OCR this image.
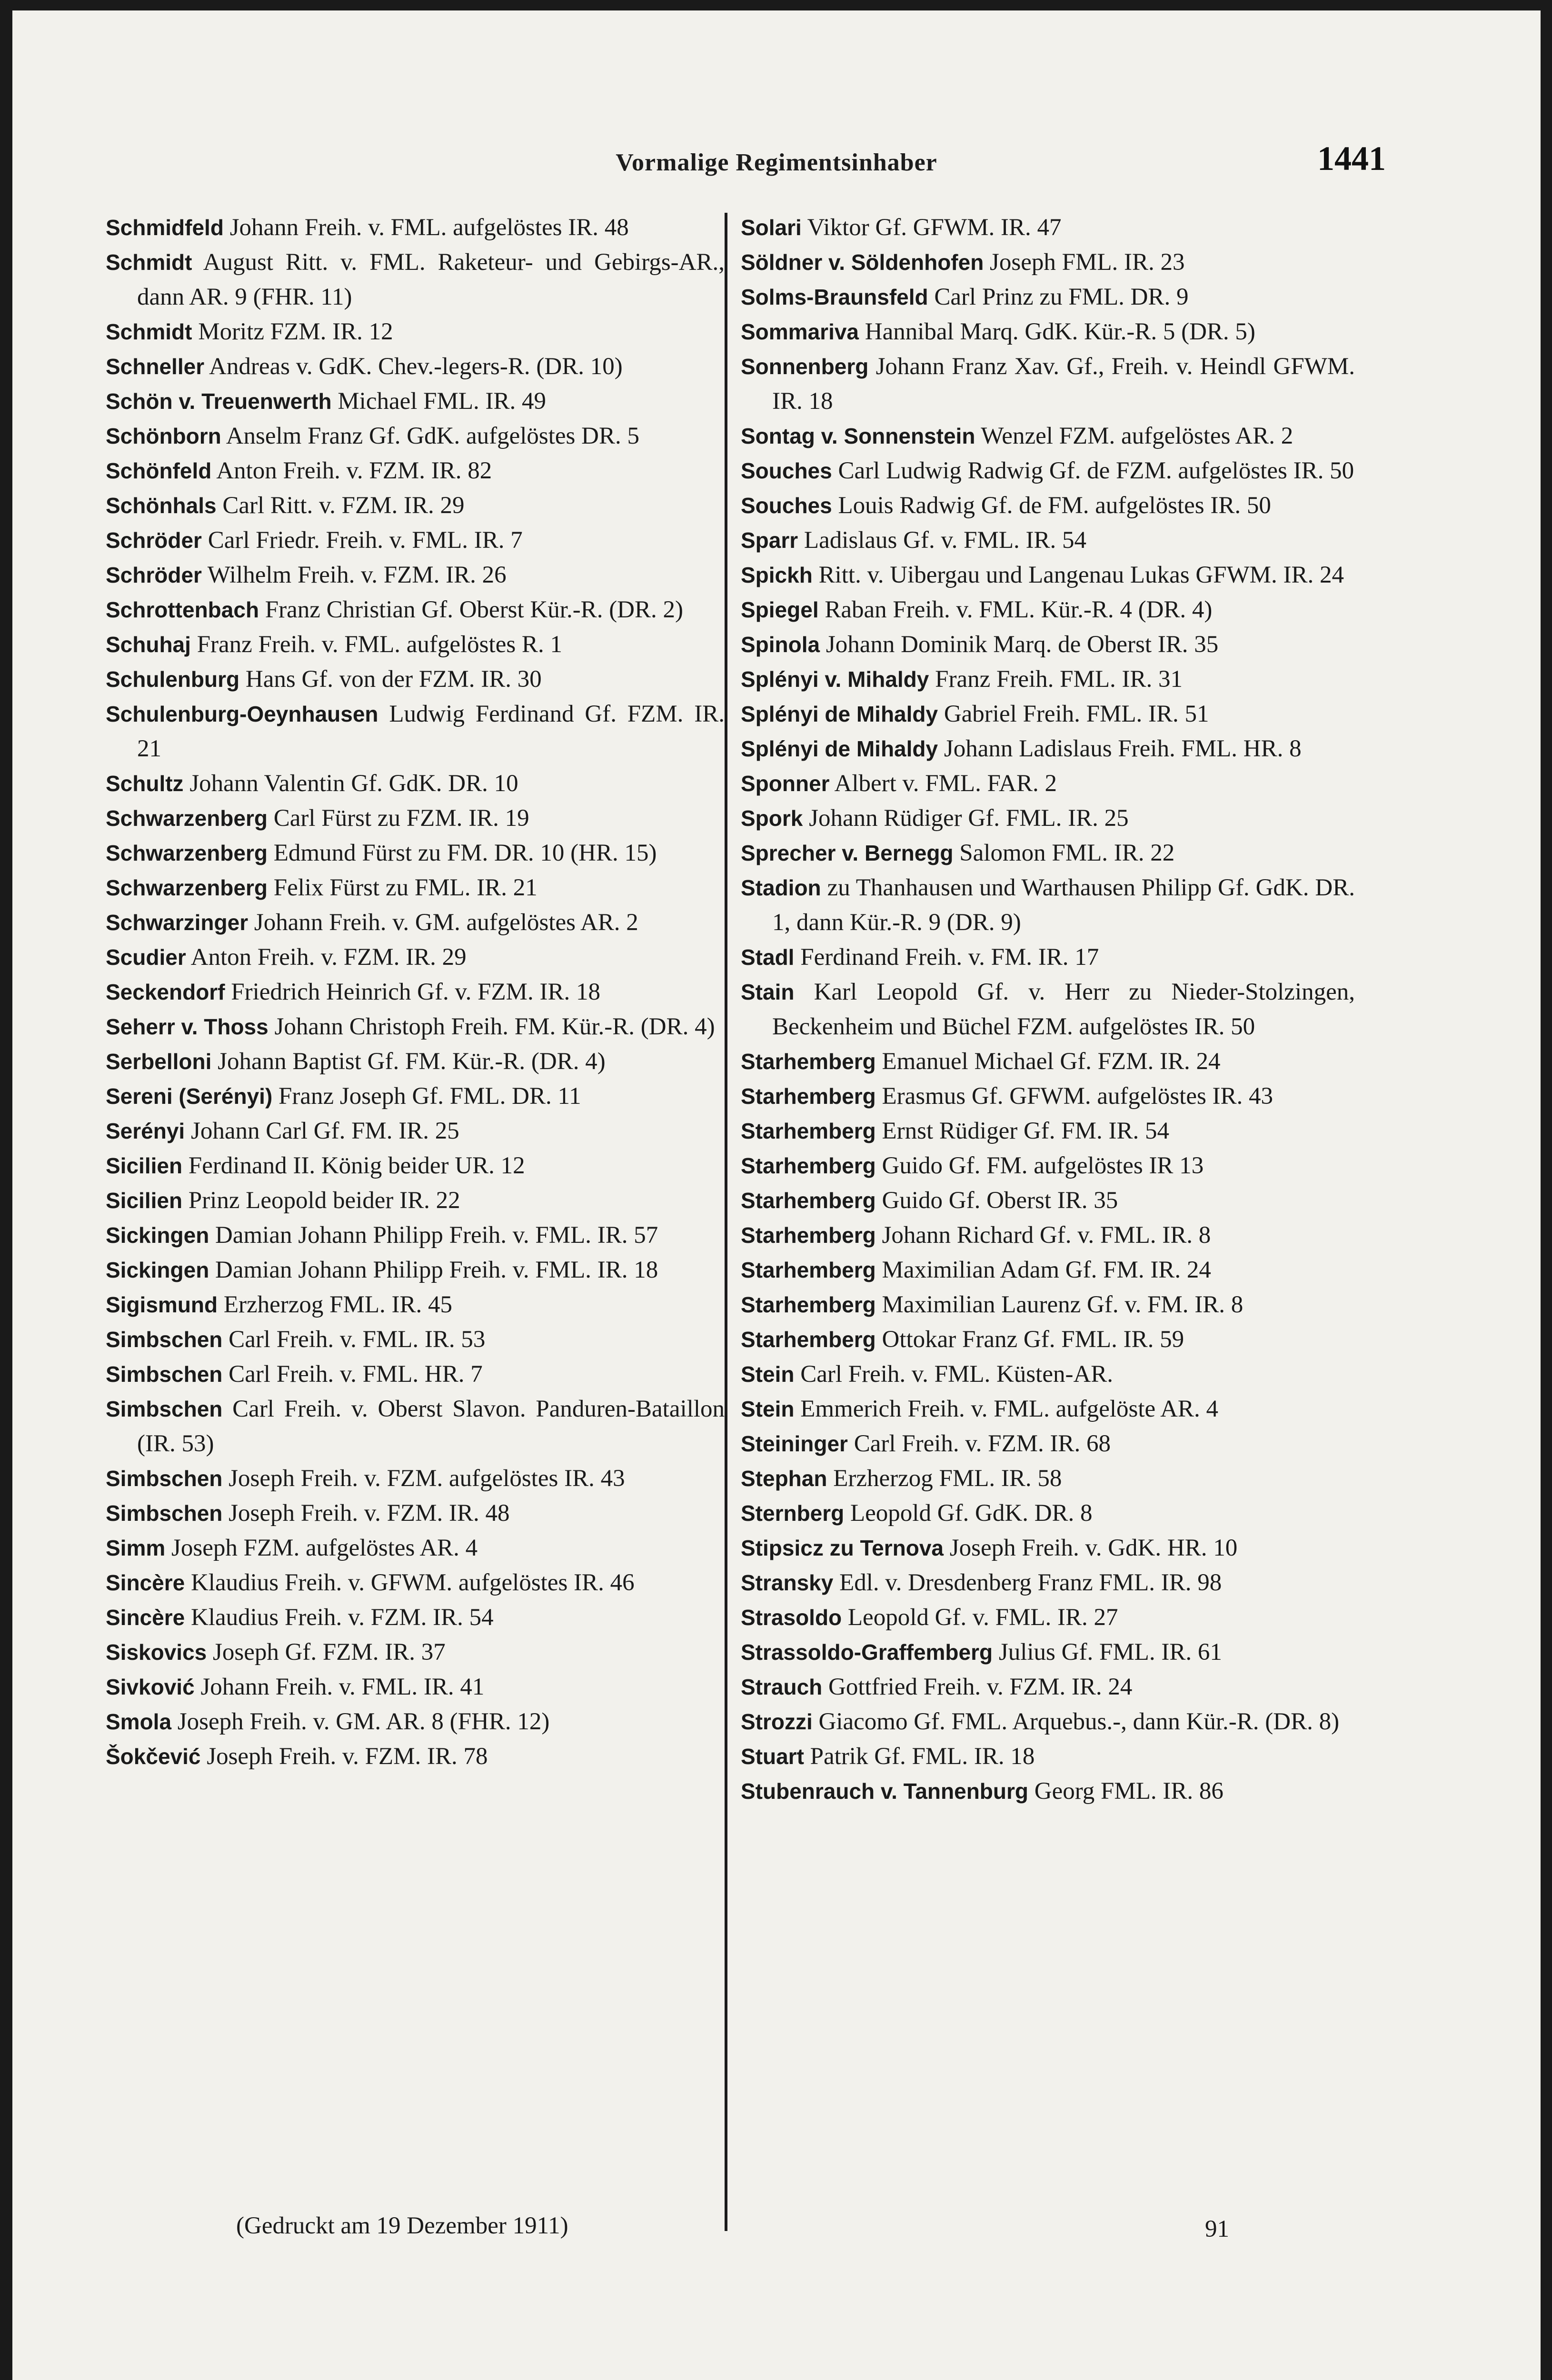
Vormalige Regimentsinhaber	1441

Schmidfeld Johann Freih. v. FML. aufgelöstes IR. 48

Schmidt August Ritt. v. FML. Raketeur- und Gebirgs-AR., dann AR. 9 (FHR. 11)

Schmidt Moritz FZM. IR. 12

Schneller Andreas v. GdK. Chev.-legers-R. (DR. 10)

Schön v. Treuenwerth Michael FML. IR. 49

Schönborn Anselm Franz Gf. GdK. aufgelöstes DR. 5

Schönfeld Anton Freih. v. FZM. IR. 82

Schönhals Carl Ritt. v. FZM. IR. 29

Schröder Carl Friedr. Freih. v. FML. IR. 7

Schröder Wilhelm Freih. v. FZM. IR. 26

Schrottenbach Franz Christian Gf. Oberst Kür.-R. (DR. 2)

Schuhaj Franz Freih. v. FML. aufgelöstes R. 1

Schulenburg Hans Gf. von der FZM. IR. 30

Schulenburg-Oeynhausen Ludwig Ferdinand Gf. FZM. IR. 21

Schultz Johann Valentin Gf. GdK. DR. 10

Schwarzenberg Carl Fürst zu FZM. IR. 19

Schwarzenberg Edmund Fürst zu FM. DR. 10 (HR. 15)

Schwarzenberg Felix Fürst zu FML. IR. 21

Schwarzinger Johann Freih. v. GM. aufgelöstes AR. 2

Scudier Anton Freih. v. FZM. IR. 29

Seckendorf Friedrich Heinrich Gf. v. FZM. IR. 18

Seherr v. Thoss Johann Christoph Freih. FM. Kür.-R. (DR. 4)

Serbelloni Johann Baptist Gf. FM. Kür.-R. (DR. 4)

Sereni (Serényi) Franz Joseph Gf. FML. DR. 11

Serényi Johann Carl Gf. FM. IR. 25

Sicilien Ferdinand II. König beider UR. 12

Sicilien Prinz Leopold beider IR. 22

Sickingen Damian Johann Philipp Freih. v. FML. IR. 57

Sickingen Damian Johann Philipp Freih. v. FML. IR. 18

Sigismund Erzherzog FML. IR. 45

Simbschen Carl Freih. v. FML. IR. 53

Simbschen Carl Freih. v. FML. HR. 7

Simbschen Carl Freih. v. Oberst Slavon. Panduren-Bataillon (IR. 53)

Simbschen Joseph Freih. v. FZM. aufgelöstes IR. 43

Simbschen Joseph Freih. v. FZM. IR. 48

Simm Joseph FZM. aufgelöstes AR. 4

Sincère Klaudius Freih. v. GFWM. aufgelöstes IR. 46

Sincère Klaudius Freih. v. FZM. IR. 54

Siskovics Joseph Gf. FZM. IR. 37

Sivković Johann Freih. v. FML. IR. 41

Smola Joseph Freih. v. GM. AR. 8 (FHR. 12)

Šokčević Joseph Freih. v. FZM. IR. 78

Solari Viktor Gf. GFWM. IR. 47

Söldner v. Söldenhofen Joseph FML. IR. 23

Solms-Braunsfeld Carl Prinz zu FML. DR. 9

Sommariva Hannibal Marq. GdK. Kür.-R. 5 (DR. 5)

Sonnenberg Johann Franz Xav. Gf., Freih. v. Heindl GFWM. IR. 18

Sontag v. Sonnenstein Wenzel FZM. aufgelöstes AR. 2

Souches Carl Ludwig Radwig Gf. de FZM. aufgelöstes IR. 50

Souches Louis Radwig Gf. de FM. aufgelöstes IR. 50

Sparr Ladislaus Gf. v. FML. IR. 54

Spickh Ritt. v. Uibergau und Langenau Lukas GFWM. IR. 24

Spiegel Raban Freih. v. FML. Kür.-R. 4 (DR. 4)

Spinola Johann Dominik Marq. de Oberst IR. 35

Splényi v. Mihaldy Franz Freih. FML. IR. 31

Splényi de Mihaldy Gabriel Freih. FML. IR. 51

Splényi de Mihaldy Johann Ladislaus Freih. FML. HR. 8

Sponner Albert v. FML. FAR. 2

Spork Johann Rüdiger Gf. FML. IR. 25

Sprecher v. Bernegg Salomon FML. IR. 22

Stadion zu Thanhausen und Warthausen Philipp Gf. GdK. DR. 1, dann Kür.-R. 9 (DR. 9)

Stadl Ferdinand Freih. v. FM. IR. 17

Stain Karl Leopold Gf. v. Herr zu Nieder-Stolzingen, Beckenheim und Büchel FZM. aufgelöstes IR. 50

Starhemberg Emanuel Michael Gf. FZM. IR. 24

Starhemberg Erasmus Gf. GFWM. aufgelöstes IR. 43

Starhemberg Ernst Rüdiger Gf. FM. IR. 54

Starhemberg Guido Gf. FM. aufgelöstes IR 13

Starhemberg Guido Gf. Oberst IR. 35

Starhemberg Johann Richard Gf. v. FML. IR. 8

Starhemberg Maximilian Adam Gf. FM. IR. 24

Starhemberg Maximilian Laurenz Gf. v. FM. IR. 8

Starhemberg Ottokar Franz Gf. FML. IR. 59

Stein Carl Freih. v. FML. Küsten-AR.

Stein Emmerich Freih. v. FML. aufgelöste AR. 4

Steininger Carl Freih. v. FZM. IR. 68

Stephan Erzherzog FML. IR. 58

Sternberg Leopold Gf. GdK. DR. 8

Stipsicz zu Ternova Joseph Freih. v. GdK. HR. 10

Stransky Edl. v. Dresdenberg Franz FML. IR. 98

Strasoldo Leopold Gf. v. FML. IR. 27

Strassoldo-Graffemberg Julius Gf. FML. IR. 61

Strauch Gottfried Freih. v. FZM. IR. 24

Strozzi Giacomo Gf. FML. Arquebus.-, dann Kür.-R. (DR. 8)

Stuart Patrik Gf. FML. IR. 18

Stubenrauch v. Tannenburg Georg FML. IR. 86

(Gedruckt am 19 Dezember 1911)	91
